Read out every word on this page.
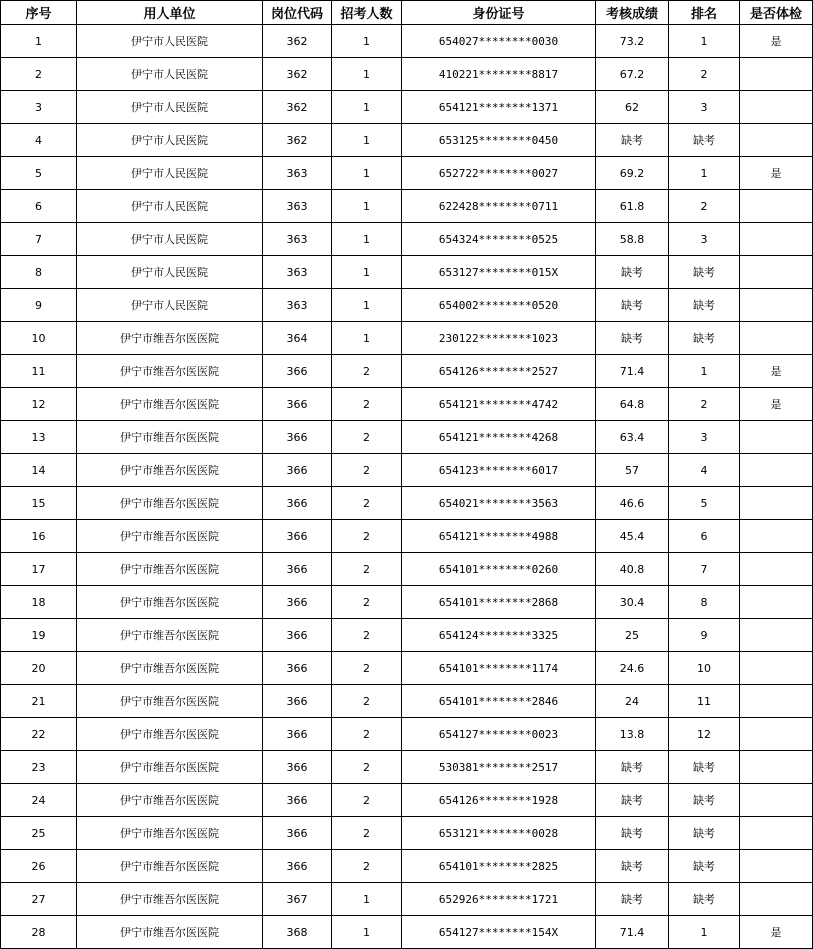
序号	用人单位	岗位代码	招考人数	身份证号	考核成绩	排名	是否体检
1	伊宁市人民医院	362	1	654027********0030	73.2	1	是
2	伊宁市人民医院	362	1	410221********8817	67.2	2	
3	伊宁市人民医院	362	1	654121********1371	62	3	
4	伊宁市人民医院	362	1	653125********0450	缺考	缺考	
5	伊宁市人民医院	363	1	652722********0027	69.2	1	是
6	伊宁市人民医院	363	1	622428********0711	61.8	2	
7	伊宁市人民医院	363	1	654324********0525	58.8	3	
8	伊宁市人民医院	363	1	653127********015X	缺考	缺考	
9	伊宁市人民医院	363	1	654002********0520	缺考	缺考	
10	伊宁市维吾尔医医院	364	1	230122********1023	缺考	缺考	
11	伊宁市维吾尔医医院	366	2	654126********2527	71.4	1	是
12	伊宁市维吾尔医医院	366	2	654121********4742	64.8	2	是
13	伊宁市维吾尔医医院	366	2	654121********4268	63.4	3	
14	伊宁市维吾尔医医院	366	2	654123********6017	57	4	
15	伊宁市维吾尔医医院	366	2	654021********3563	46.6	5	
16	伊宁市维吾尔医医院	366	2	654121********4988	45.4	6	
17	伊宁市维吾尔医医院	366	2	654101********0260	40.8	7	
18	伊宁市维吾尔医医院	366	2	654101********2868	30.4	8	
19	伊宁市维吾尔医医院	366	2	654124********3325	25	9	
20	伊宁市维吾尔医医院	366	2	654101********1174	24.6	10	
21	伊宁市维吾尔医医院	366	2	654101********2846	24	11	
22	伊宁市维吾尔医医院	366	2	654127********0023	13.8	12	
23	伊宁市维吾尔医医院	366	2	530381********2517	缺考	缺考	
24	伊宁市维吾尔医医院	366	2	654126********1928	缺考	缺考	
25	伊宁市维吾尔医医院	366	2	653121********0028	缺考	缺考	
26	伊宁市维吾尔医医院	366	2	654101********2825	缺考	缺考	
27	伊宁市维吾尔医医院	367	1	652926********1721	缺考	缺考	
28	伊宁市维吾尔医医院	368	1	654127********154X	71.4	1	是
